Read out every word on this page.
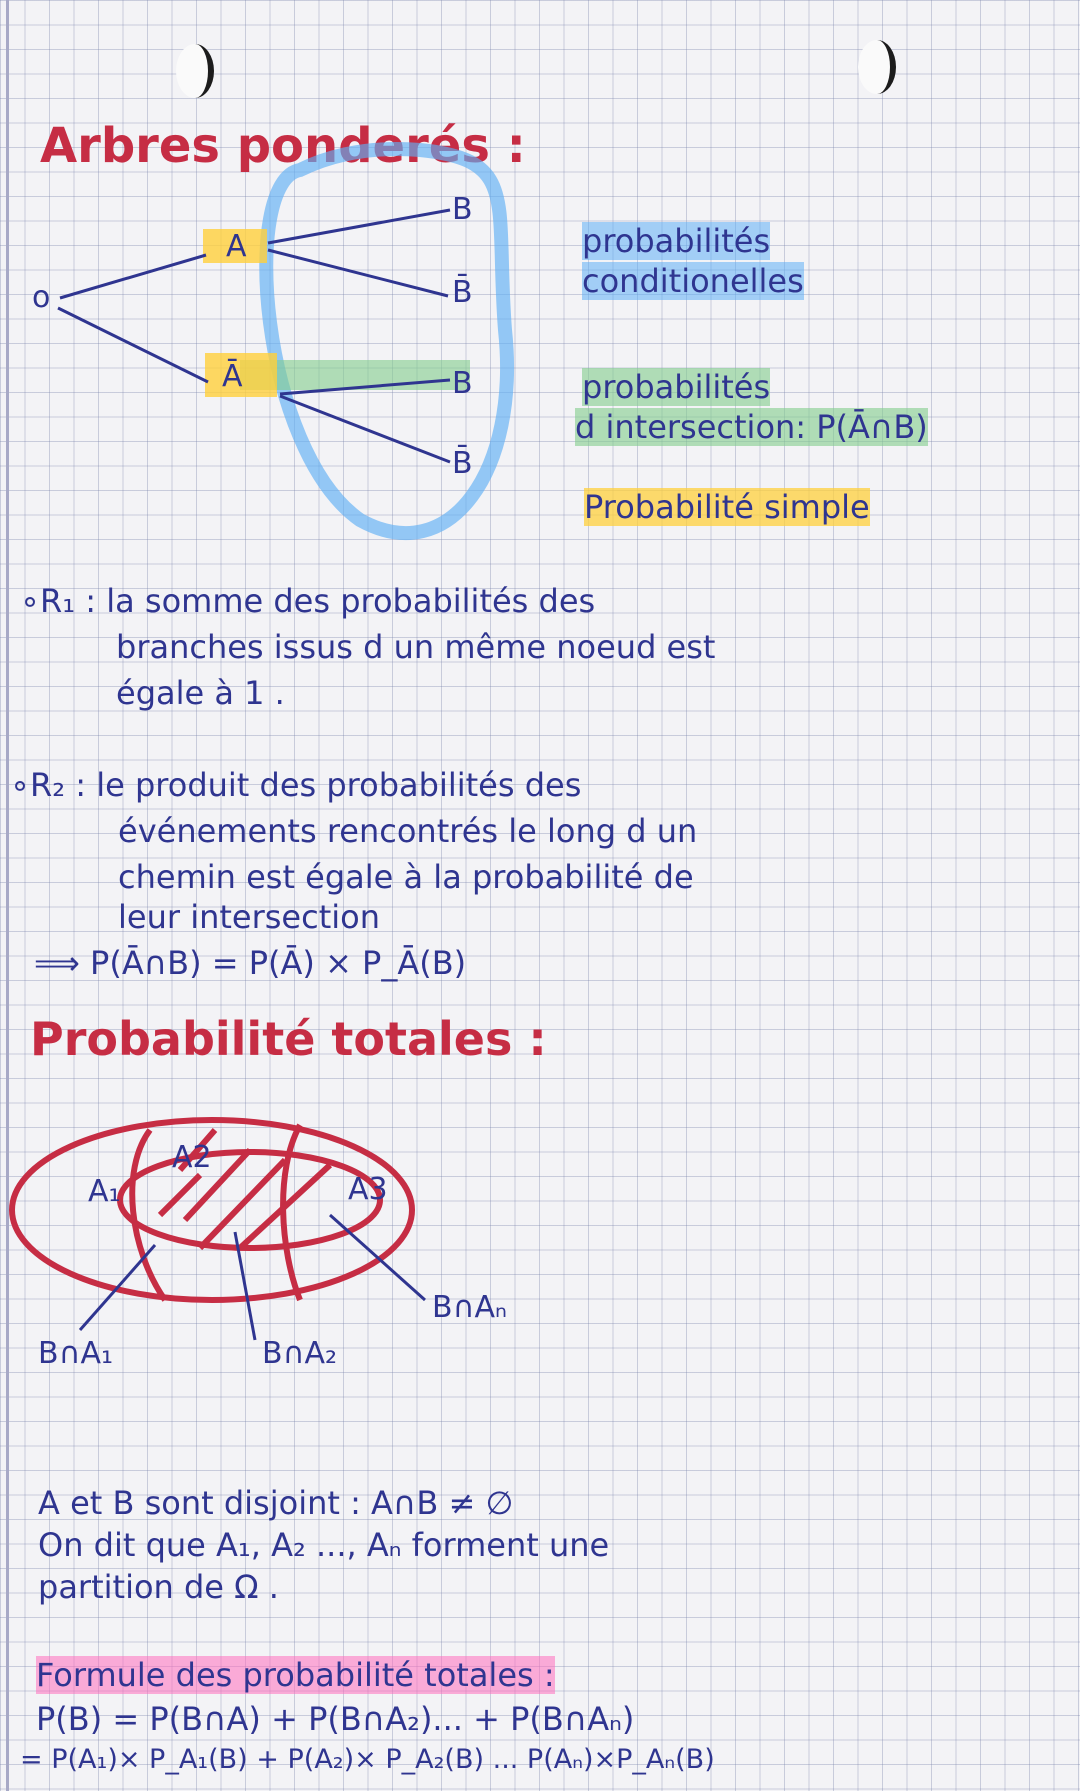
Arbres ponderés :
o
A
Ā
B
B̄
B
B̄
probabilités
conditionelles
probabilités
d intersection: P(Ā∩B)
Probabilité simple
∘R₁ : la somme des probabilités des
branches issus d un même noeud est
égale à 1 .
∘R₂ : le produit des probabilités des
événements rencontrés le long d un
chemin est égale à la probabilité de
leur intersection
⟹ P(Ā∩B) = P(Ā) × P_Ā(B)
Probabilité totales :
A₁
A2
A3
B∩A₁	B∩A₂
B∩Aₙ
A et B sont disjoint : A∩B ≠ ∅
On dit que A₁, A₂ ..., Aₙ forment une
partition de Ω .
Formule des probabilité totales :
P(B) = P(B∩A) + P(B∩A₂)... + P(B∩Aₙ)
= P(A₁)× P_A₁(B) + P(A₂)× P_A₂(B) ... P(Aₙ)×P_Aₙ(B)
